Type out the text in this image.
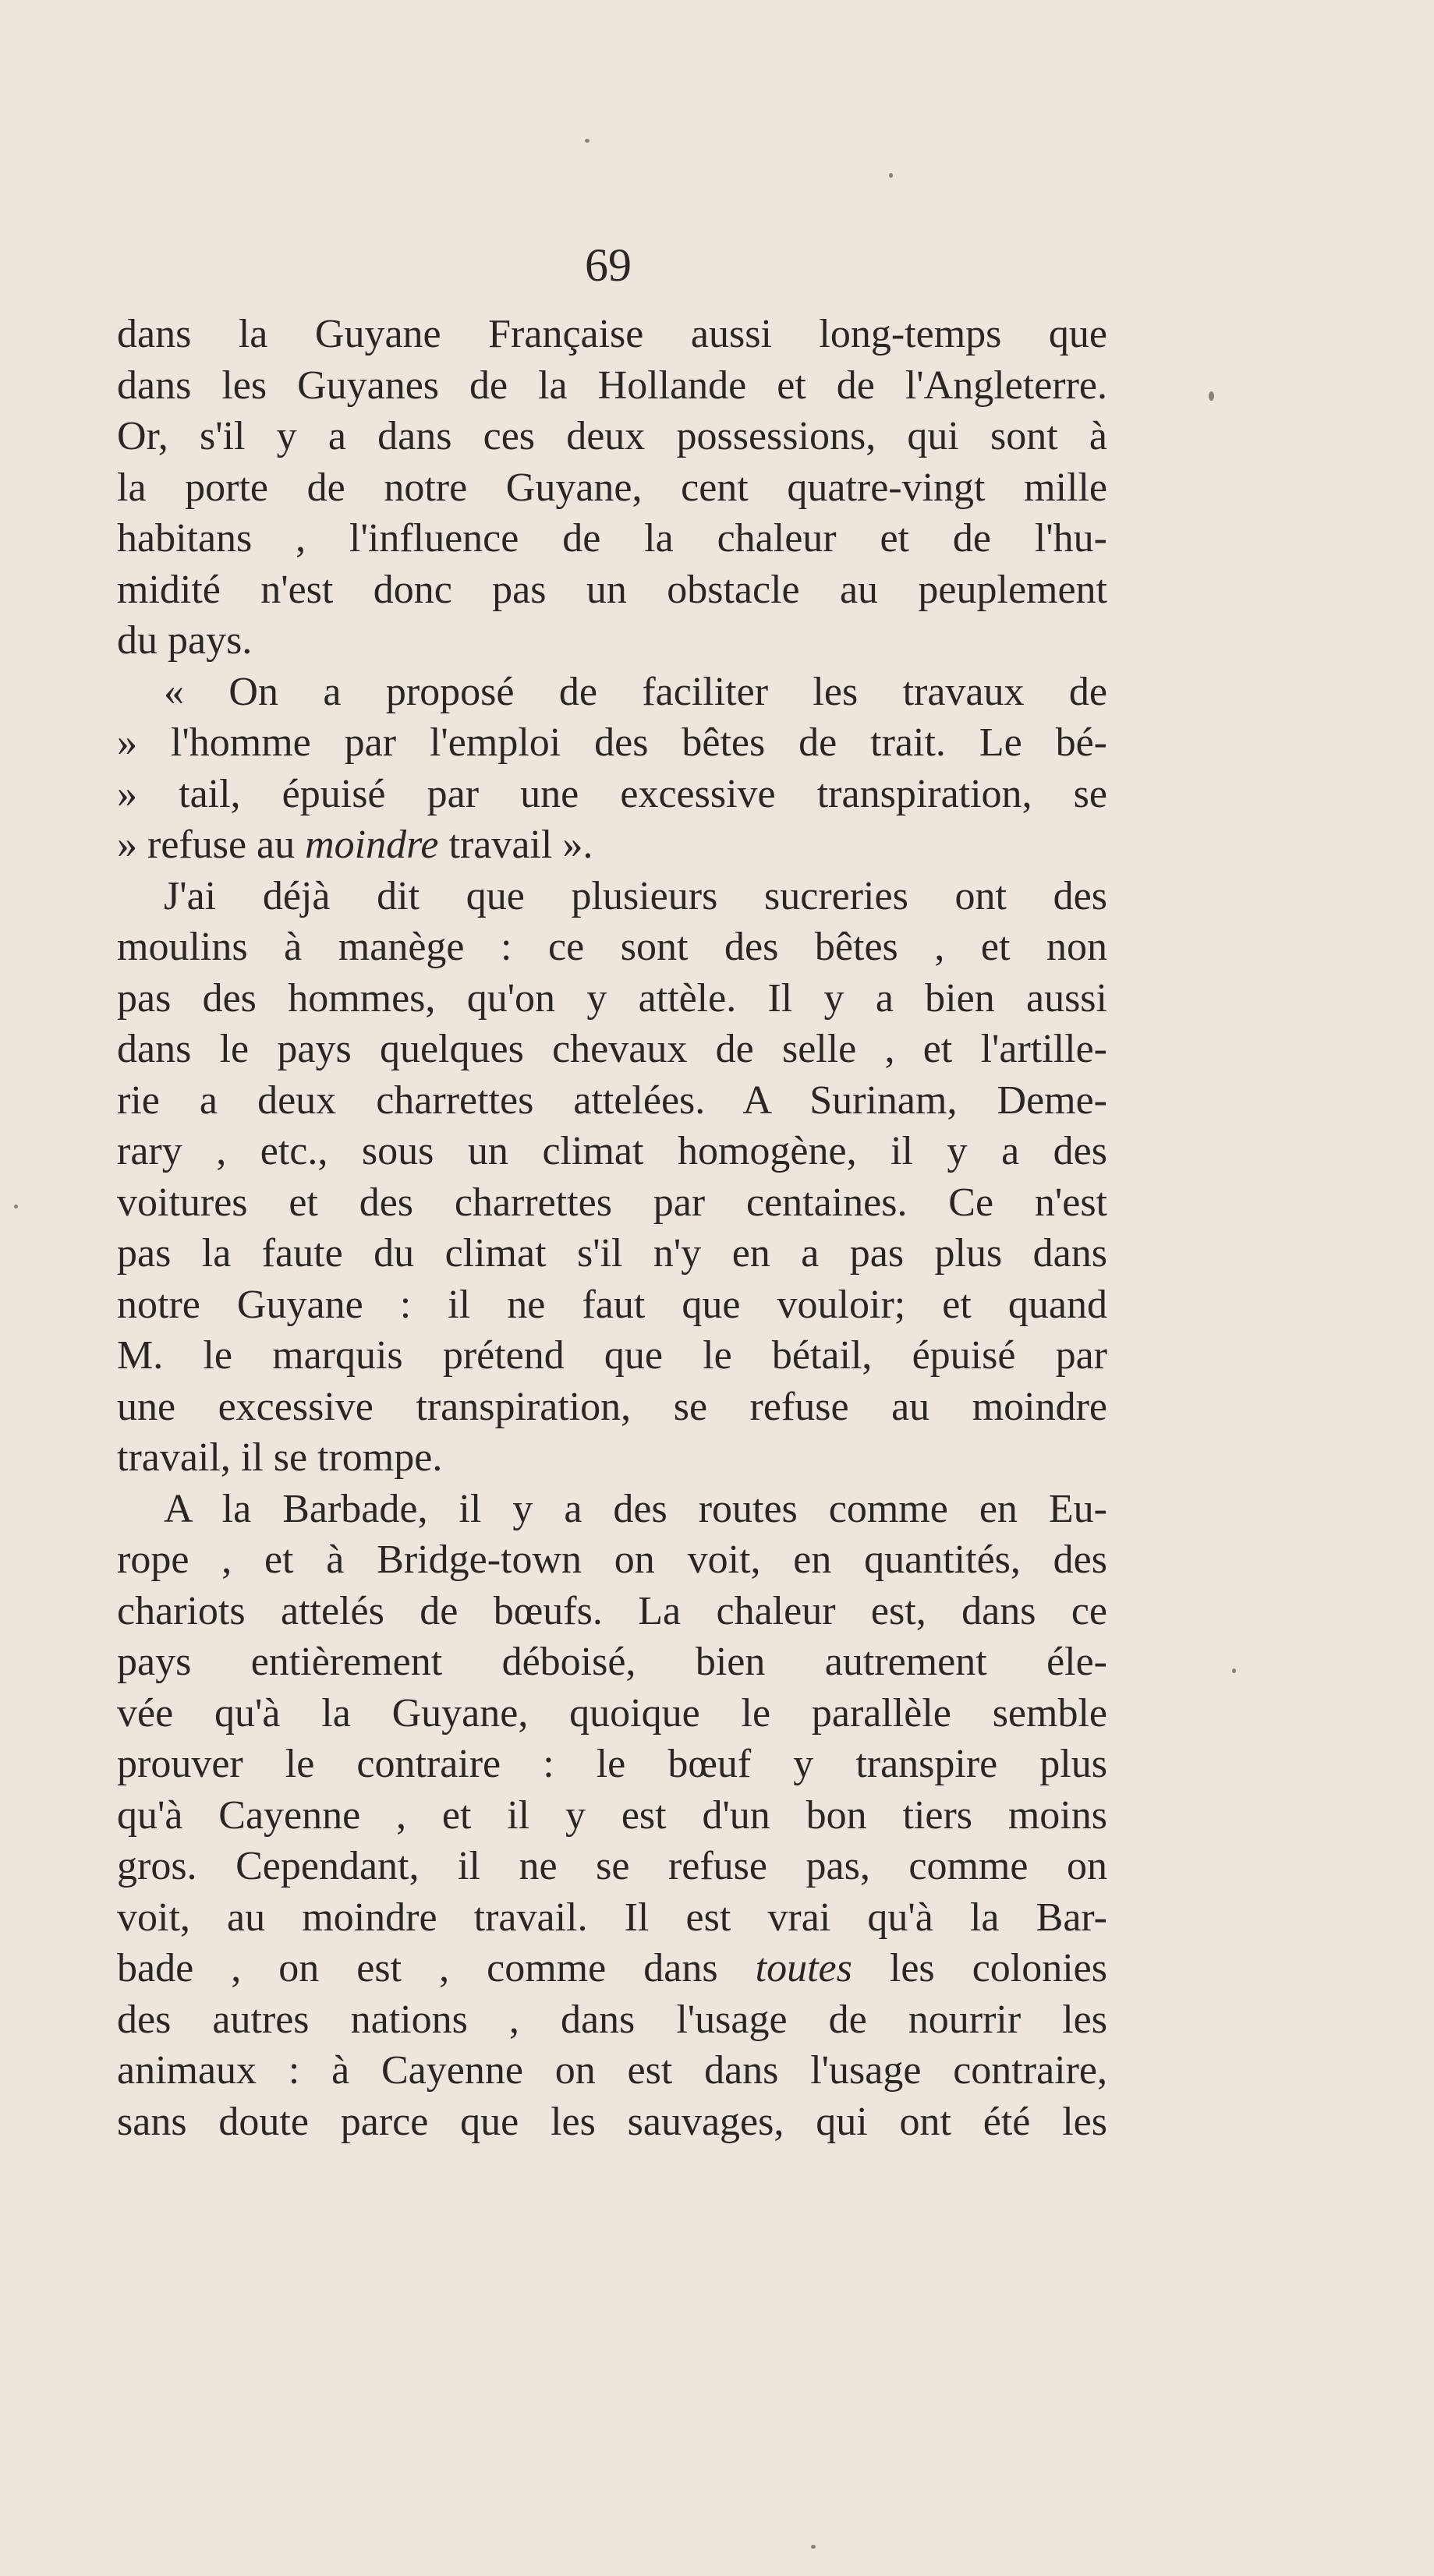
69
dans la Guyane Française aussi long-temps que
dans les Guyanes de la Hollande et de l'Angleterre.
Or, s'il y a dans ces deux possessions, qui sont à
la porte de notre Guyane, cent quatre-vingt mille
habitans , l'influence de la chaleur et de l'hu-
midité n'est donc pas un obstacle au peuplement
du pays.
« On a proposé de faciliter les travaux de
» l'homme par l'emploi des bêtes de trait. Le bé-
» tail, épuisé par une excessive transpiration, se
» refuse au moindre travail ».
J'ai déjà dit que plusieurs sucreries ont des
moulins à manège : ce sont des bêtes , et non
pas des hommes, qu'on y attèle. Il y a bien aussi
dans le pays quelques chevaux de selle , et l'artille-
rie a deux charrettes attelées. A Surinam, Deme-
rary , etc., sous un climat homogène, il y a des
voitures et des charrettes par centaines. Ce n'est
pas la faute du climat s'il n'y en a pas plus dans
notre Guyane : il ne faut que vouloir; et quand
M. le marquis prétend que le bétail, épuisé par
une excessive transpiration, se refuse au moindre
travail, il se trompe.
A la Barbade, il y a des routes comme en Eu-
rope , et à Bridge-town on voit, en quantités, des
chariots attelés de bœufs. La chaleur est, dans ce
pays entièrement déboisé, bien autrement éle-
vée qu'à la Guyane, quoique le parallèle semble
prouver le contraire : le bœuf y transpire plus
qu'à Cayenne , et il y est d'un bon tiers moins
gros. Cependant, il ne se refuse pas, comme on
voit, au moindre travail. Il est vrai qu'à la Bar-
bade , on est , comme dans toutes les colonies
des autres nations , dans l'usage de nourrir les
animaux : à Cayenne on est dans l'usage contraire,
sans doute parce que les sauvages, qui ont été les
